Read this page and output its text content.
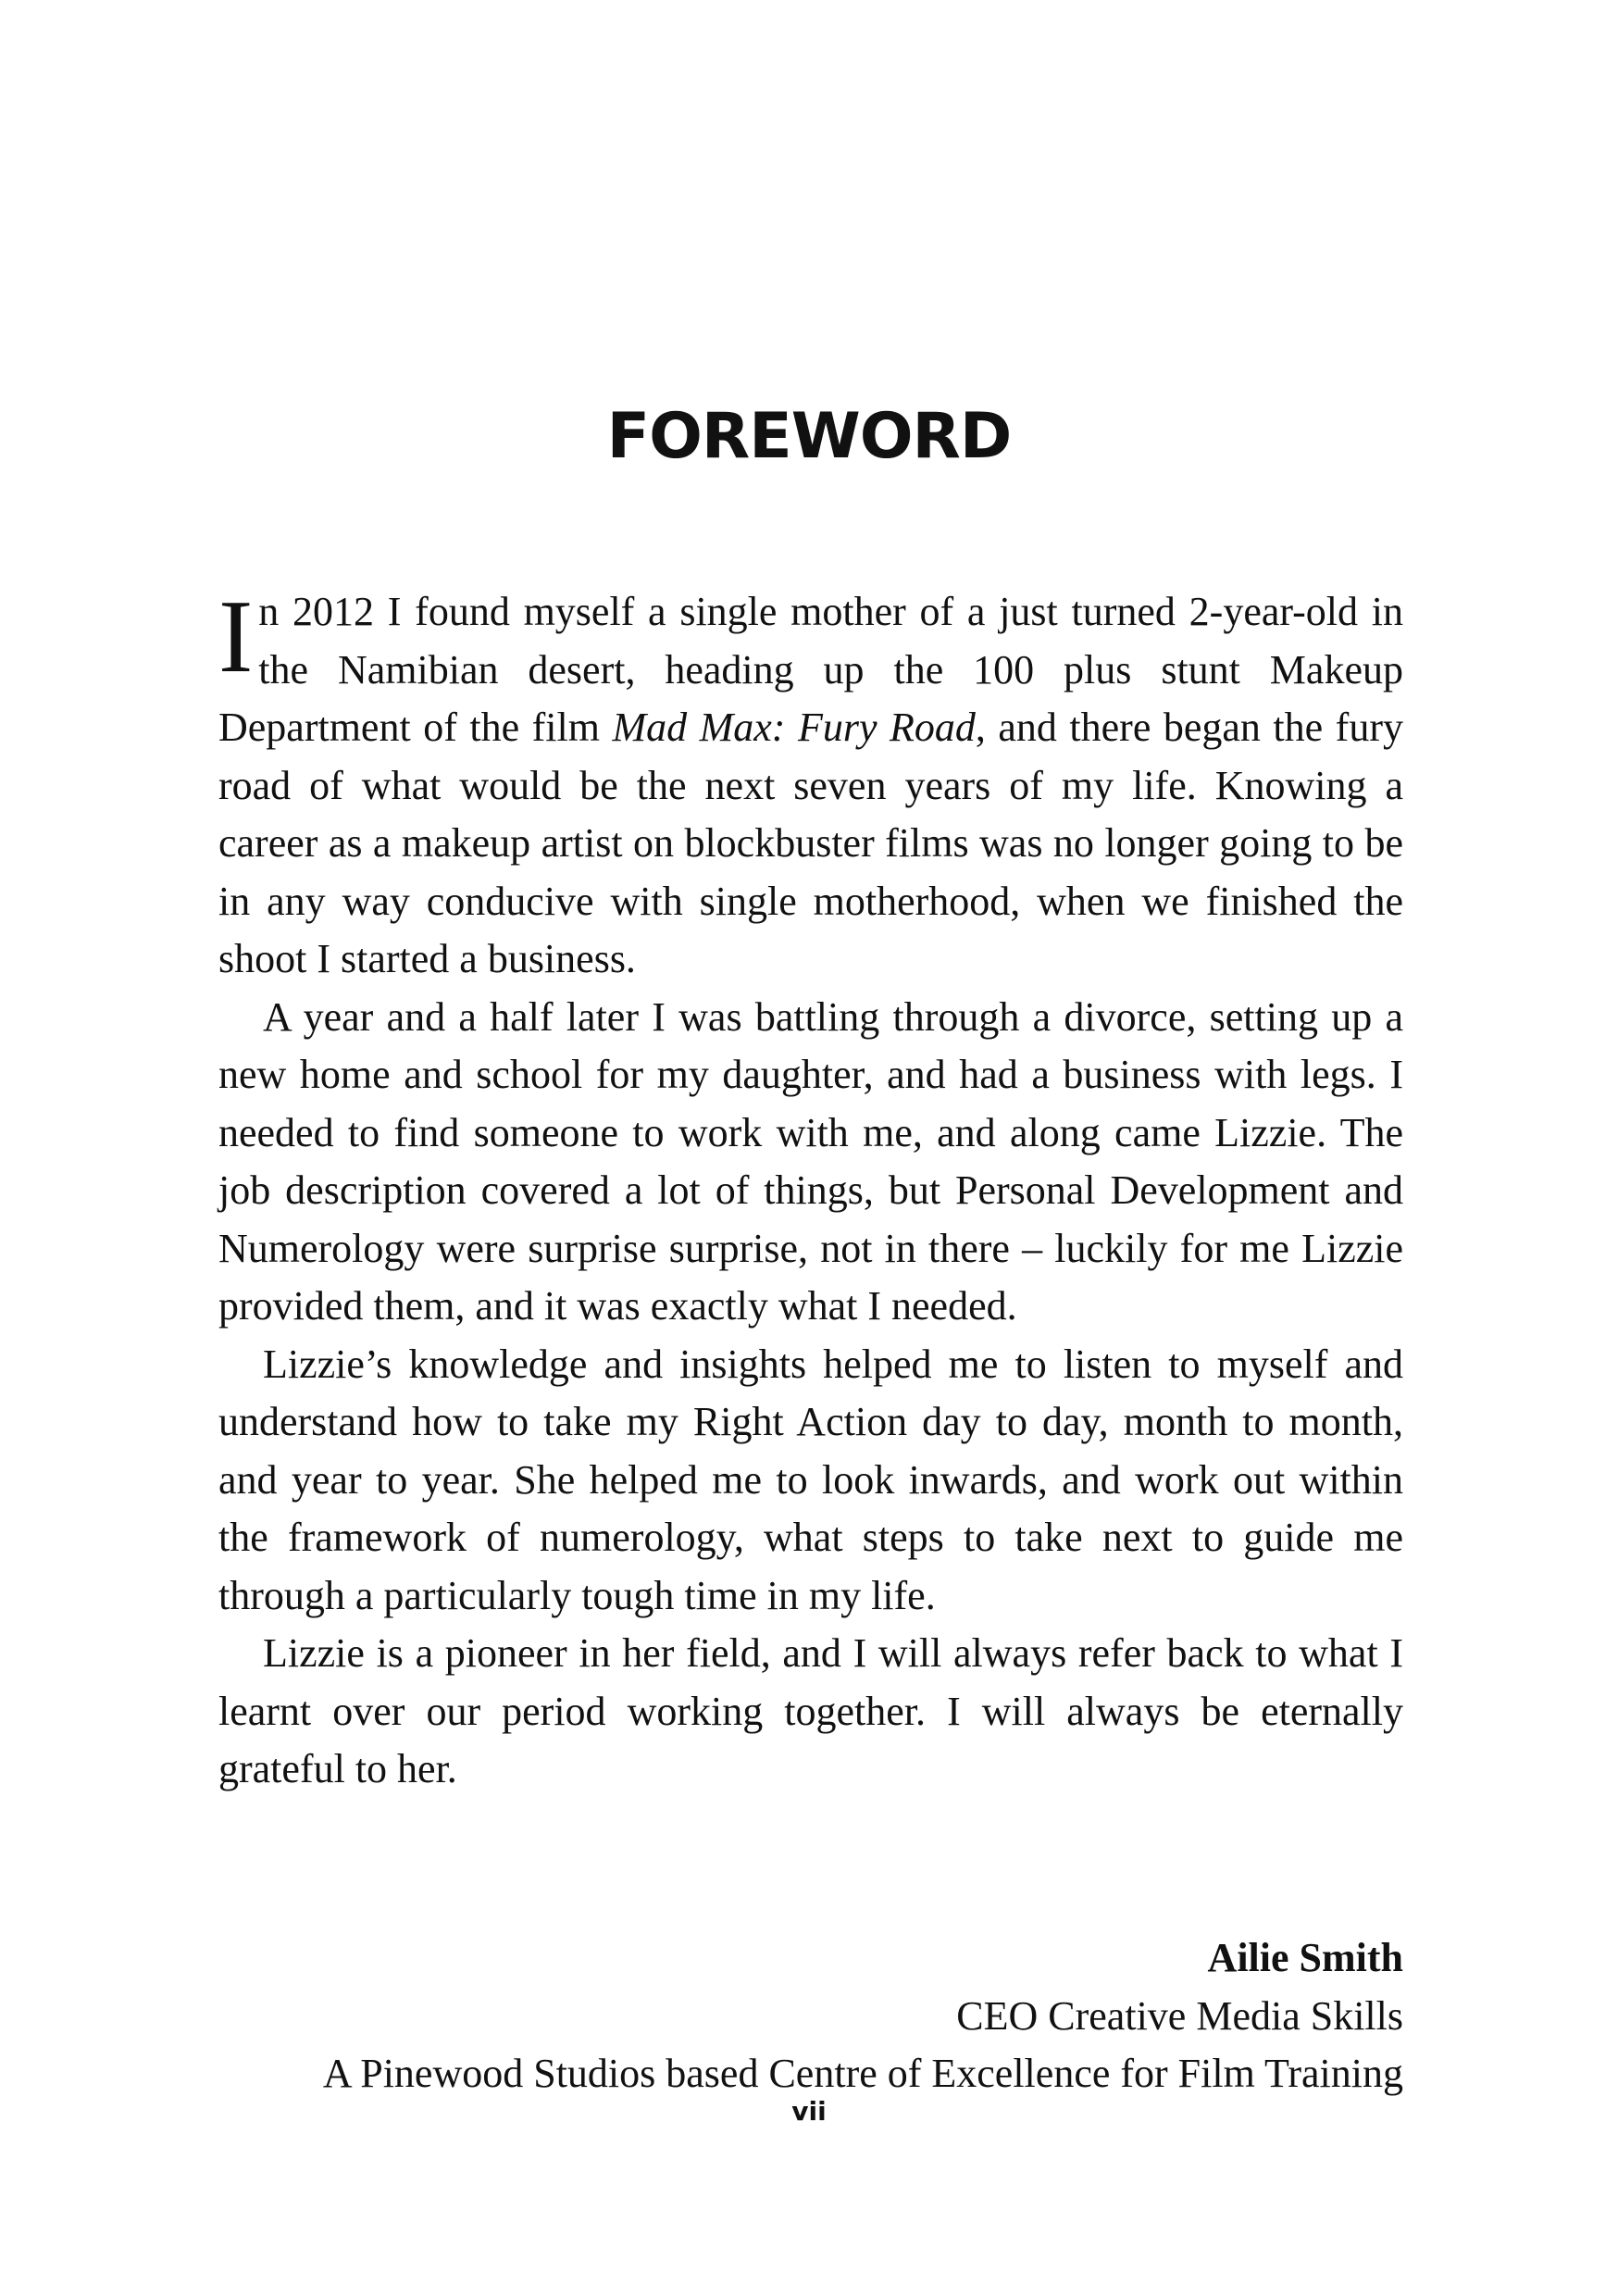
FOREWORD

In 2012 I found myself a single mother of a just turned 2-year-old in the Namibian desert, heading up the 100 plus stunt Makeup Department of the film Mad Max: Fury Road, and there began the fury road of what would be the next seven years of my life. Knowing a career as a makeup artist on blockbuster films was no longer going to be in any way conducive with single motherhood, when we finished the shoot I started a business.

A year and a half later I was battling through a divorce, setting up a new home and school for my daughter, and had a business with legs. I needed to find someone to work with me, and along came Lizzie. The job description covered a lot of things, but Personal Development and Numerology were surprise surprise, not in there – luckily for me Lizzie provided them, and it was exactly what I needed.

Lizzie’s knowledge and insights helped me to listen to myself and understand how to take my Right Action day to day, month to month, and year to year. She helped me to look inwards, and work out within the framework of numerology, what steps to take next to guide me through a particularly tough time in my life.

Lizzie is a pioneer in her field, and I will always refer back to what I learnt over our period working together. I will always be eternally grateful to her.

Ailie Smith
CEO Creative Media Skills
A Pinewood Studios based Centre of Excellence for Film Training
vii
